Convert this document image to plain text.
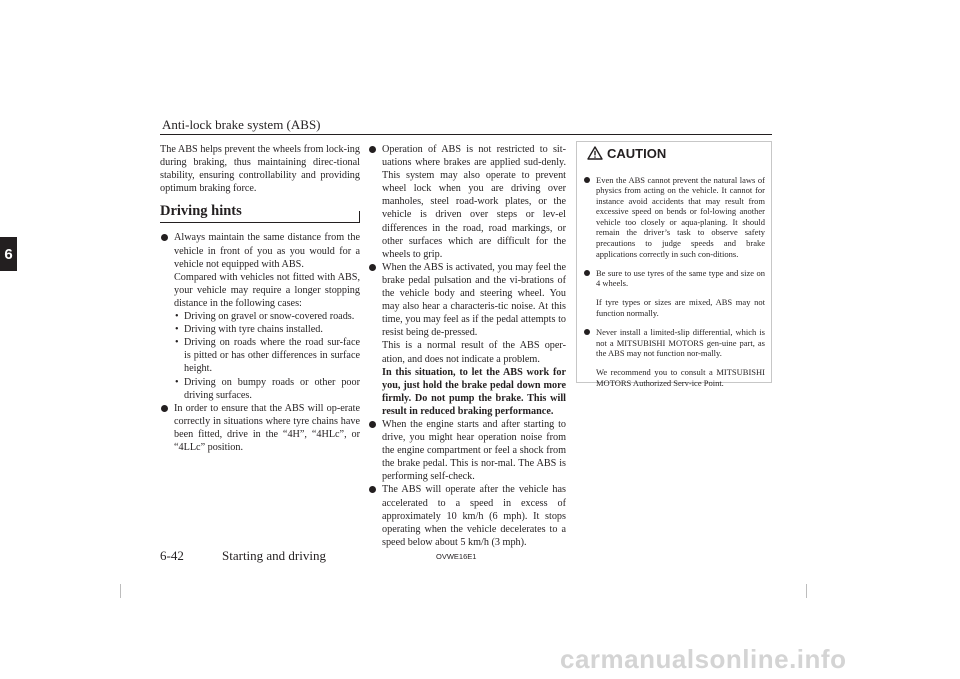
Anti-lock brake system (ABS)
6

The ABS helps prevent the wheels from lock-ing during braking, thus maintaining direc-tional stability, ensuring controllability and providing optimum braking force.

Driving hints

Always maintain the same distance from the vehicle in front of you as you would for a vehicle not equipped with ABS.

Compared with vehicles not fitted with ABS, your vehicle may require a longer stopping distance in the following cases:

• Driving on gravel or snow-covered roads.
• Driving with tyre chains installed.
• Driving on roads where the road sur-face is pitted or has other differences in surface height.
• Driving on bumpy roads or other poor driving surfaces.

In order to ensure that the ABS will op-erate correctly in situations where tyre chains have been fitted, drive in the “4H”, “4HLc”, or “4LLc” position.

Operation of ABS is not restricted to sit-uations where brakes are applied sud-denly. This system may also operate to prevent wheel lock when you are driving over manholes, steel road-work plates, or the vehicle is driven over steps or lev-el differences in the road, road markings, or other surfaces which are difficult for the wheels to grip.

When the ABS is activated, you may feel the brake pedal pulsation and the vi-brations of the vehicle body and steering wheel. You may also hear a characteris-tic noise. At this time, you may feel as if the pedal attempts to resist being de-pressed.

This is a normal result of the ABS oper-ation, and does not indicate a problem.

In this situation, to let the ABS work for you, just hold the brake pedal down more firmly. Do not pump the brake. This will result in reduced braking performance.

When the engine starts and after starting to drive, you might hear operation noise from the engine compartment or feel a shock from the brake pedal. This is nor-mal. The ABS is performing self-check.

The ABS will operate after the vehicle has accelerated to a speed in excess of approximately 10 km/h (6 mph). It stops operating when the vehicle decelerates to a speed below about 5 km/h (3 mph).

CAUTION

Even the ABS cannot prevent the natural laws of physics from acting on the vehicle. It cannot for instance avoid accidents that may result from excessive speed on bends or fol-lowing another vehicle too closely or aqua-planing. It should remain the driver’s task to observe safety precautions to judge speeds and brake applications correctly in such con-ditions.

Be sure to use tyres of the same type and size on 4 wheels.

If tyre types or sizes are mixed, ABS may not function normally.

Never install a limited-slip differential, which is not a MITSUBISHI MOTORS gen-uine part, as the ABS may not function nor-mally.

We recommend you to consult a MITSUBISHI MOTORS Authorized Serv-ice Point.

6-42	Starting and driving	OVWE16E1
carmanualsonline.info
